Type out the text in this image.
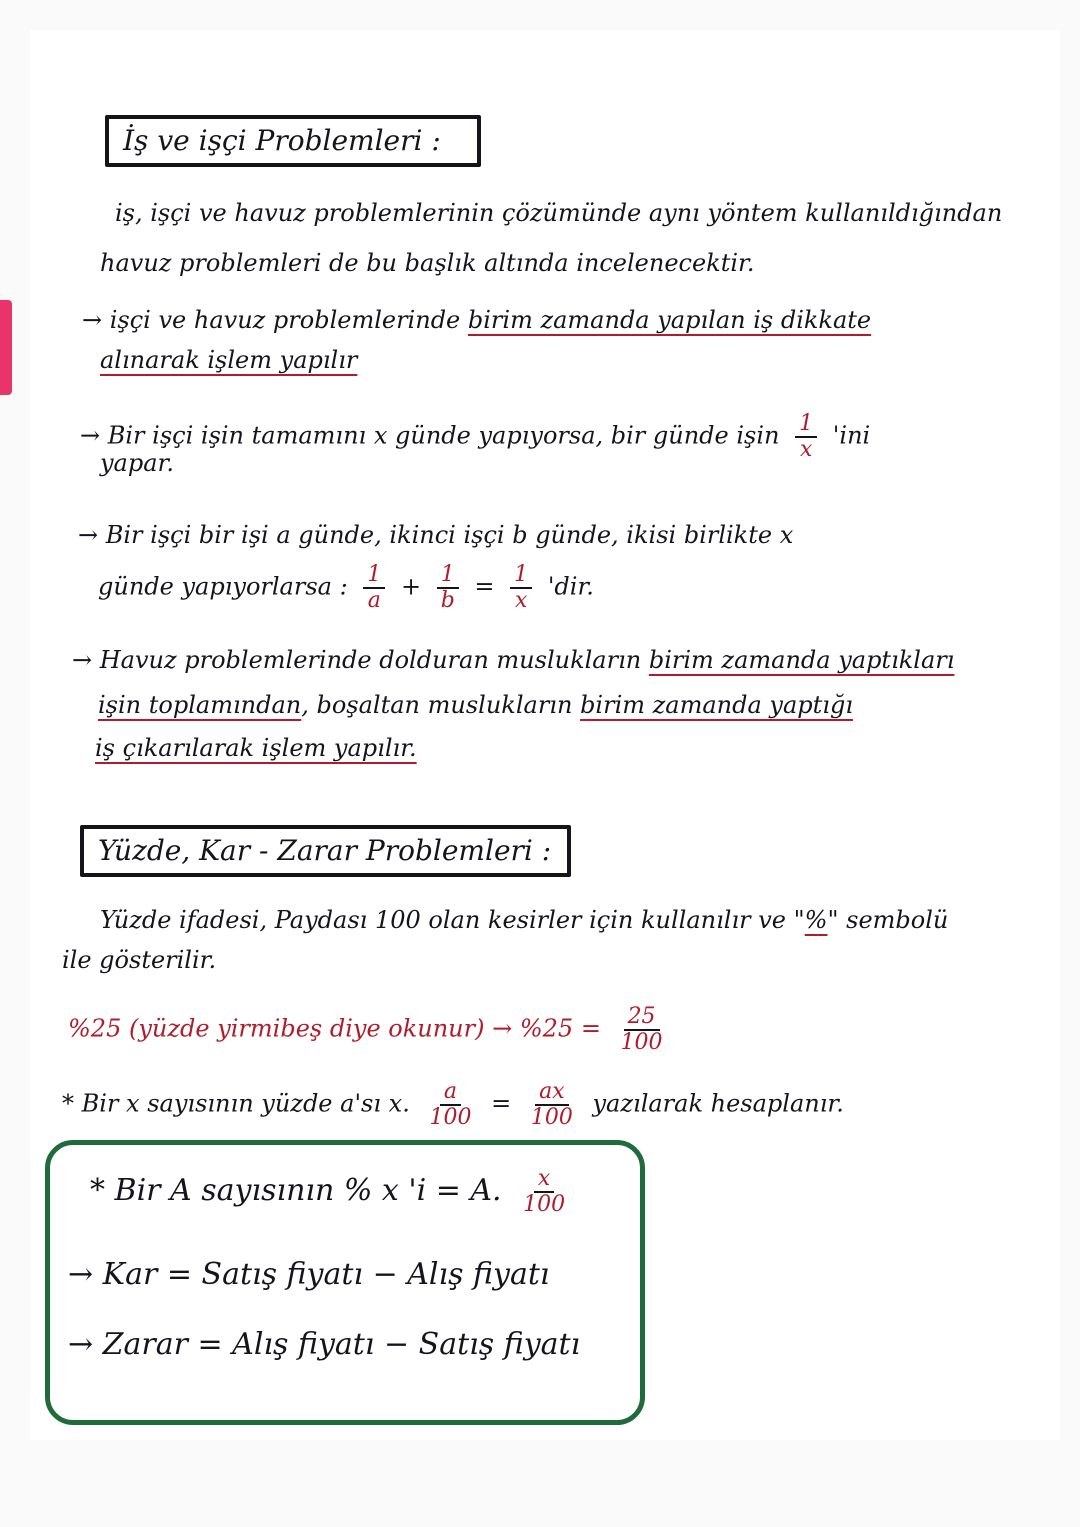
İş ve işçi Problemleri :
iş, işçi ve havuz problemlerinin çözümünde aynı yöntem kullanıldığından
havuz problemleri de bu başlık altında incelenecektir.
→ işçi ve havuz problemlerinde birim zamanda yapılan iş dikkate
alınarak işlem yapılır
→ Bir işçi işin tamamını x günde yapıyorsa, bir günde işin $\frac{1}{x}$ 'ini
yapar.
→ Bir işçi bir işi a günde, ikinci işçi b günde, ikisi birlikte x
günde yapıyorlarsa : $\frac{1}{a} + \frac{1}{b} = \frac{1}{x}$ 'dir.
→ Havuz problemlerinde dolduran muslukların birim zamanda yaptıkları
işin toplamından, boşaltan muslukların birim zamanda yaptığı
iş çıkarılarak işlem yapılır.
Yüzde, Kar - Zarar Problemleri :
Yüzde ifadesi, Paydası 100 olan kesirler için kullanılır ve "%" sembolü
ile gösterilir.
%25 (yüzde yirmibeş diye okunur) → $\%25 = \frac{25}{100}$
* Bir x sayısının yüzde a'sı x. $\frac{a}{100} = \frac{ax}{100}$ yazılarak hesaplanır.
* Bir A sayısının % x 'i = A. $\frac{x}{100}$
→ Kar = Satış fiyatı − Alış fiyatı
→ Zarar = Alış fiyatı − Satış fiyatı
